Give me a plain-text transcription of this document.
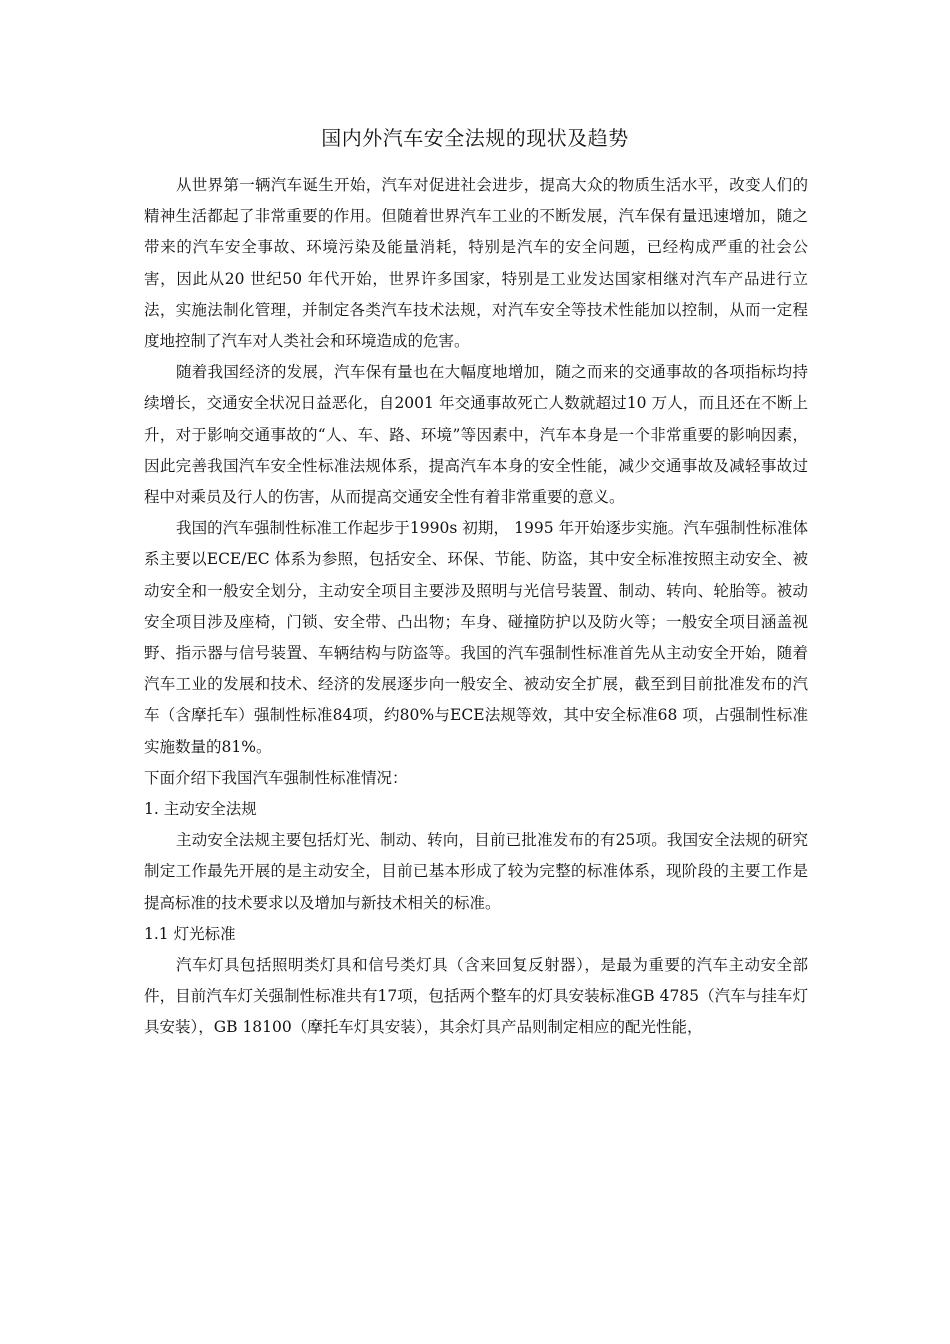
国内外汽车安全法规的现状及趋势

从世界第一辆汽车诞生开始，汽车对促进社会进步，提高大众的物质生活水平，改变人们的精神生活都起了非常重要的作用。但随着世界汽车工业的不断发展，汽车保有量迅速增加，随之带来的汽车安全事故、环境污染及能量消耗，特别是汽车的安全问题，已经构成严重的社会公害，因此从20 世纪50 年代开始，世界许多国家，特别是工业发达国家相继对汽车产品进行立法，实施法制化管理，并制定各类汽车技术法规，对汽车安全等技术性能加以控制，从而一定程度地控制了汽车对人类社会和环境造成的危害。

随着我国经济的发展，汽车保有量也在大幅度地增加，随之而来的交通事故的各项指标均持续增长，交通安全状况日益恶化，自2001 年交通事故死亡人数就超过10 万人，而且还在不断上升，对于影响交通事故的“人、车、路、环境”等因素中，汽车本身是一个非常重要的影响因素，因此完善我国汽车安全性标准法规体系，提高汽车本身的安全性能，减少交通事故及减轻事故过程中对乘员及行人的伤害，从而提高交通安全性有着非常重要的意义。

我国的汽车强制性标准工作起步于1990s 初期， 1995 年开始逐步实施。汽车强制性标准体系主要以ECE/EC 体系为参照，包括安全、环保、节能、防盗，其中安全标准按照主动安全、被动安全和一般安全划分，主动安全项目主要涉及照明与光信号装置、制动、转向、轮胎等。被动安全项目涉及座椅，门锁、安全带、凸出物；车身、碰撞防护以及防火等；一般安全项目涵盖视野、指示器与信号装置、车辆结构与防盗等。我国的汽车强制性标准首先从主动安全开始，随着汽车工业的发展和技术、经济的发展逐步向一般安全、被动安全扩展，截至到目前批准发布的汽车（含摩托车）强制性标准84项，约80%与ECE法规等效，其中安全标准68 项，占强制性标准实施数量的81%。

下面介绍下我国汽车强制性标准情况：

1. 主动安全法规

主动安全法规主要包括灯光、制动、转向，目前已批准发布的有25项。我国安全法规的研究制定工作最先开展的是主动安全，目前已基本形成了较为完整的标准体系，现阶段的主要工作是提高标准的技术要求以及增加与新技术相关的标准。

1.1 灯光标准

汽车灯具包括照明类灯具和信号类灯具（含来回复反射器），是最为重要的汽车主动安全部件，目前汽车灯关强制性标准共有17项，包括两个整车的灯具安装标准GB 4785（汽车与挂车灯具安装），GB 18100（摩托车灯具安装），其余灯具产品则制定相应的配光性能，
